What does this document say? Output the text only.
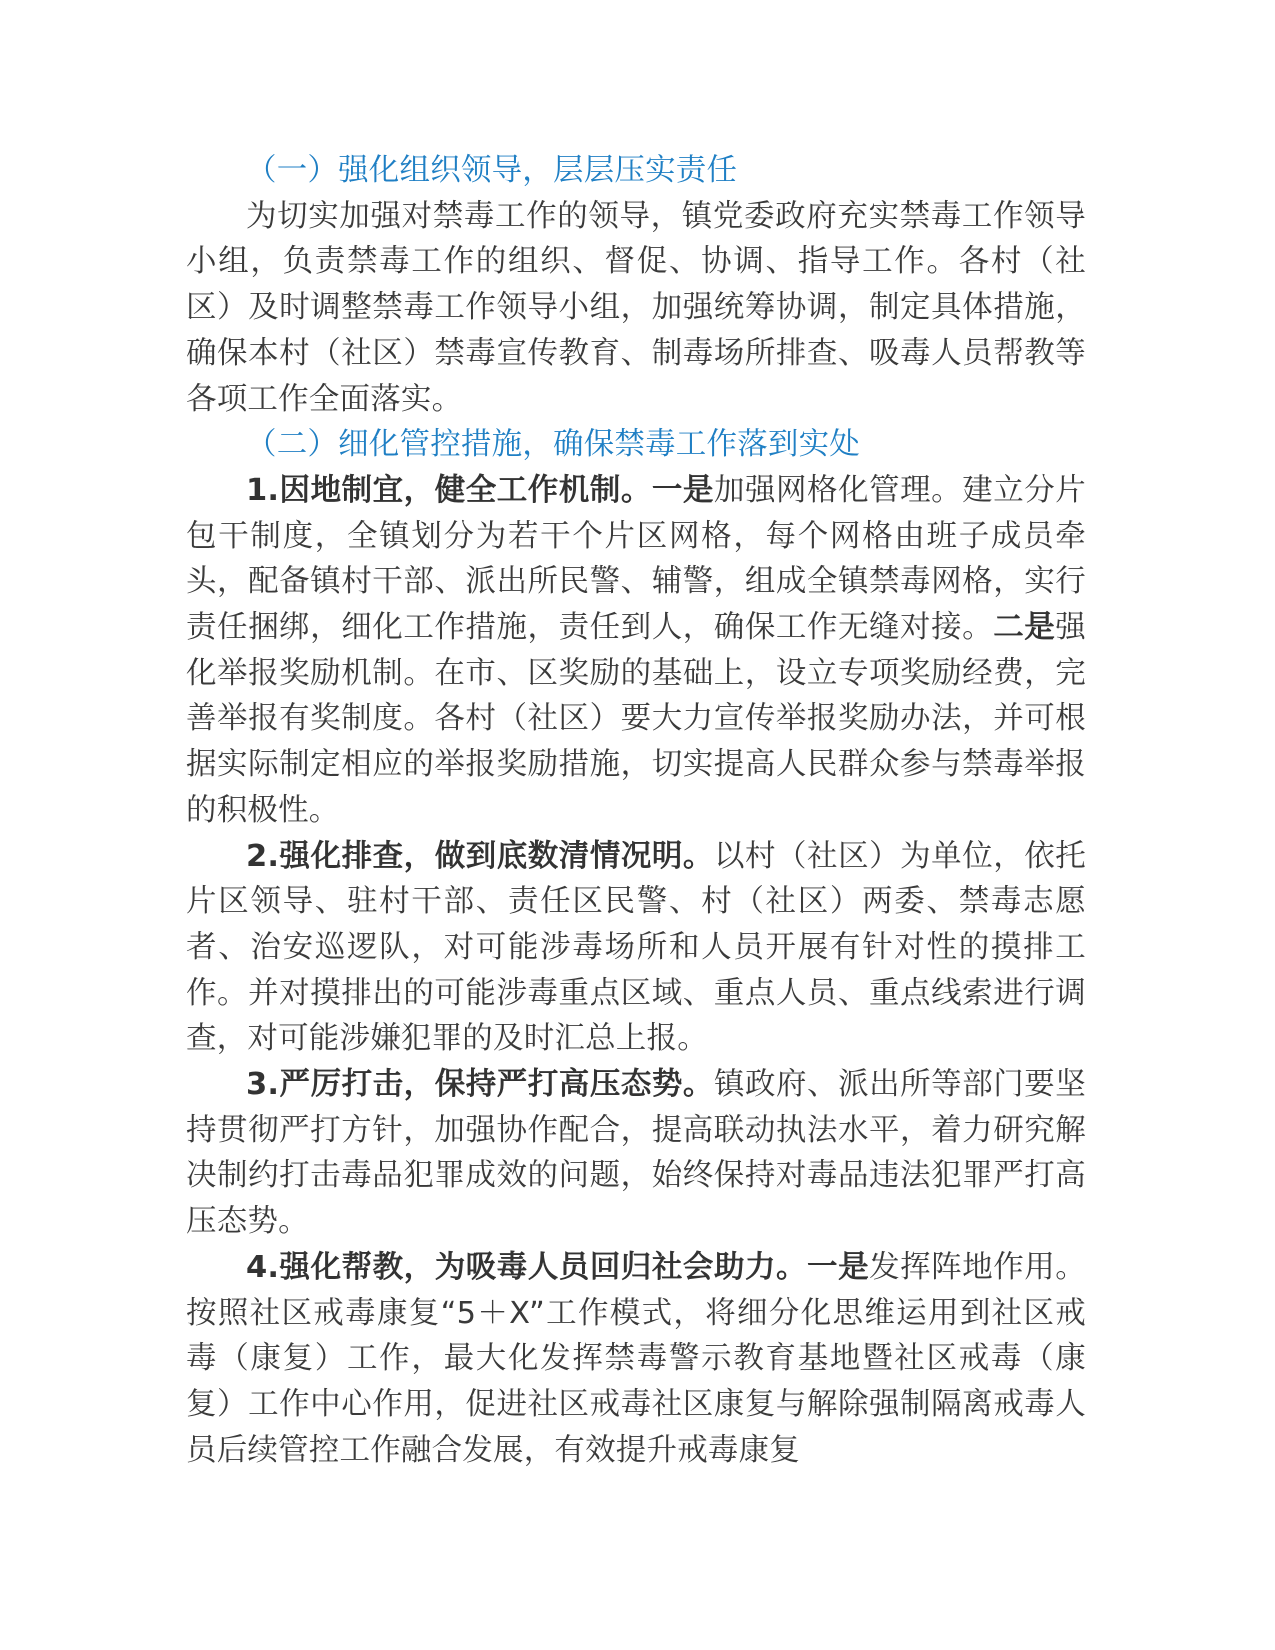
（一）强化组织领导，层层压实责任

为切实加强对禁毒工作的领导，镇党委政府充实禁毒工作领导小组，负责禁毒工作的组织、督促、协调、指导工作。各村（社区）及时调整禁毒工作领导小组，加强统筹协调，制定具体措施，确保本村（社区）禁毒宣传教育、制毒场所排查、吸毒人员帮教等各项工作全面落实。

（二）细化管控措施，确保禁毒工作落到实处

1.因地制宜，健全工作机制。一是加强网格化管理。建立分片包干制度，全镇划分为若干个片区网格，每个网格由班子成员牵头，配备镇村干部、派出所民警、辅警，组成全镇禁毒网格，实行责任捆绑，细化工作措施，责任到人，确保工作无缝对接。二是强化举报奖励机制。在市、区奖励的基础上，设立专项奖励经费，完善举报有奖制度。各村（社区）要大力宣传举报奖励办法，并可根据实际制定相应的举报奖励措施，切实提高人民群众参与禁毒举报的积极性。

2.强化排查，做到底数清情况明。以村（社区）为单位，依托片区领导、驻村干部、责任区民警、村（社区）两委、禁毒志愿者、治安巡逻队，对可能涉毒场所和人员开展有针对性的摸排工作。并对摸排出的可能涉毒重点区域、重点人员、重点线索进行调查，对可能涉嫌犯罪的及时汇总上报。

3.严厉打击，保持严打高压态势。镇政府、派出所等部门要坚持贯彻严打方针，加强协作配合，提高联动执法水平，着力研究解决制约打击毒品犯罪成效的问题，始终保持对毒品违法犯罪严打高压态势。

4.强化帮教，为吸毒人员回归社会助力。一是发挥阵地作用。按照社区戒毒康复“5＋X”工作模式，将细分化思维运用到社区戒毒（康复）工作，最大化发挥禁毒警示教育基地暨社区戒毒（康复）工作中心作用，促进社区戒毒社区康复与解除强制隔离戒毒人员后续管控工作融合发展，有效提升戒毒康复
